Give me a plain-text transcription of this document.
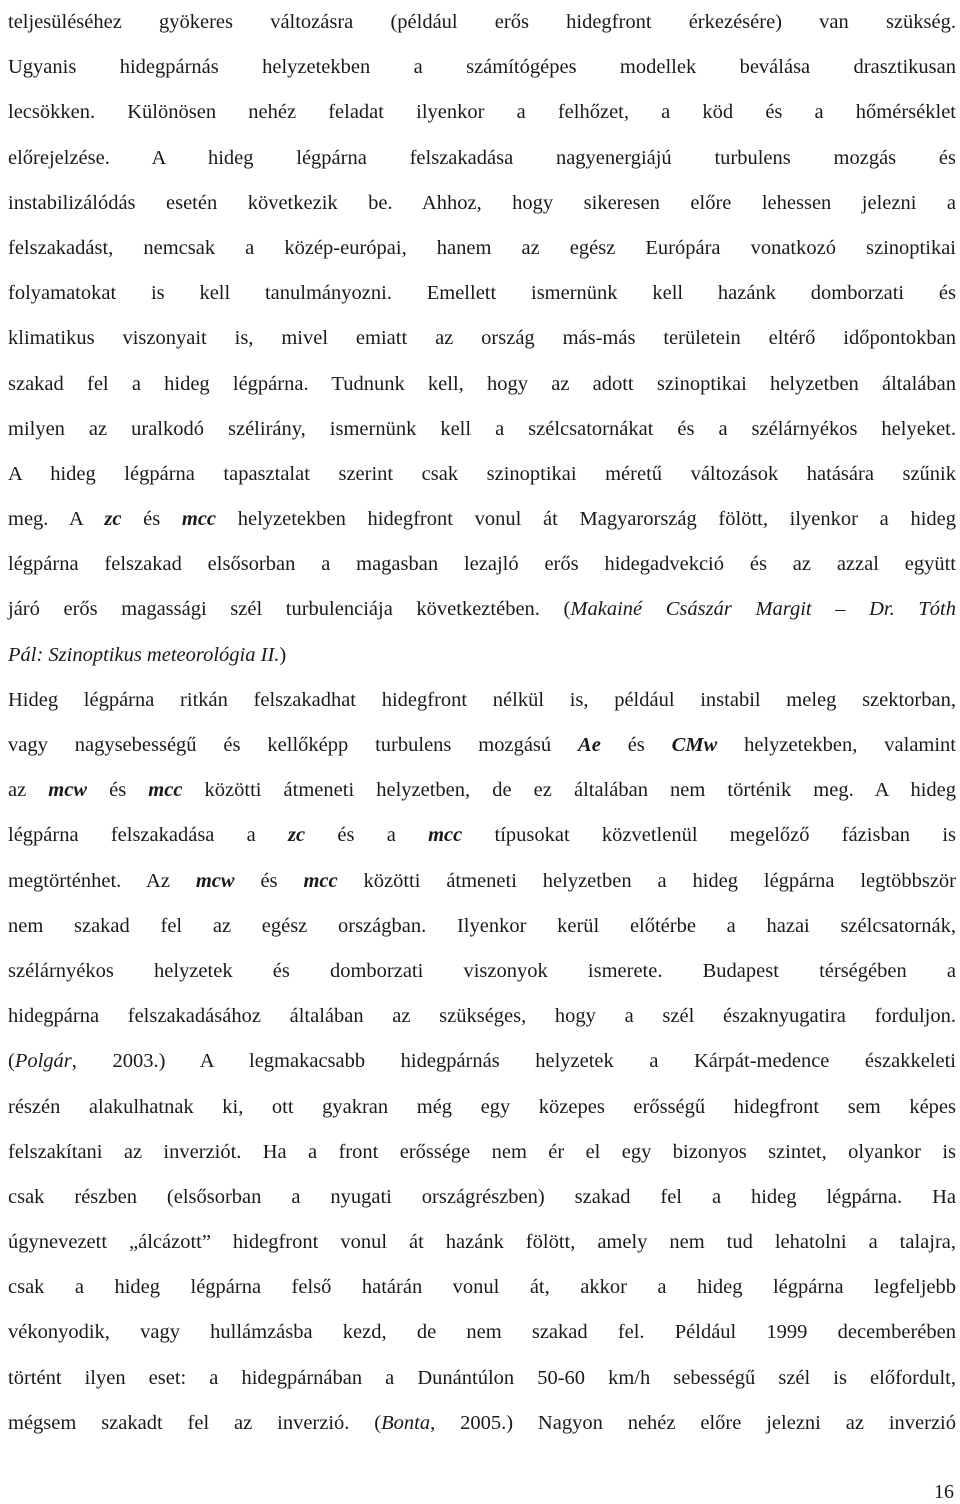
teljesüléséhez gyökeres változásra (például erős hidegfront érkezésére) van szükség.

Ugyanis hidegpárnás helyzetekben a számítógépes modellek beválása drasztikusan

lecsökken. Különösen nehéz feladat ilyenkor a felhőzet, a köd és a hőmérséklet

előrejelzése. A hideg légpárna felszakadása nagyenergiájú turbulens mozgás és

instabilizálódás esetén következik be. Ahhoz, hogy sikeresen előre lehessen jelezni a

felszakadást, nemcsak a közép-európai, hanem az egész Európára vonatkozó szinoptikai

folyamatokat is kell tanulmányozni. Emellett ismernünk kell hazánk domborzati és

klimatikus viszonyait is, mivel emiatt az ország más-más területein eltérő időpontokban

szakad fel a hideg légpárna. Tudnunk kell, hogy az adott szinoptikai helyzetben általában

milyen az uralkodó szélirány, ismernünk kell a szélcsatornákat és a szélárnyékos helyeket.

A hideg légpárna tapasztalat szerint csak szinoptikai méretű változások hatására szűnik

meg. A zc és mcc helyzetekben hidegfront vonul át Magyarország fölött, ilyenkor a hideg

légpárna felszakad elsősorban a magasban lezajló erős hidegadvekció és az azzal együtt

járó erős magassági szél turbulenciája következtében. (Makainé Császár Margit – Dr. Tóth

Pál: Szinoptikus meteorológia II.)

Hideg légpárna ritkán felszakadhat hidegfront nélkül is, például instabil meleg szektorban,

vagy nagysebességű és kellőképp turbulens mozgású Ae és CMw helyzetekben, valamint

az mcw és mcc közötti átmeneti helyzetben, de ez általában nem történik meg. A hideg

légpárna felszakadása a zc és a mcc típusokat közvetlenül megelőző fázisban is

megtörténhet. Az mcw és mcc közötti átmeneti helyzetben a hideg légpárna legtöbbször

nem szakad fel az egész országban. Ilyenkor kerül előtérbe a hazai szélcsatornák,

szélárnyékos helyzetek és domborzati viszonyok ismerete. Budapest térségében a

hidegpárna felszakadásához általában az szükséges, hogy a szél északnyugatira forduljon.

(Polgár, 2003.) A legmakacsabb hidegpárnás helyzetek a Kárpát-medence északkeleti

részén alakulhatnak ki, ott gyakran még egy közepes erősségű hidegfront sem képes

felszakítani az inverziót. Ha a front erőssége nem ér el egy bizonyos szintet, olyankor is

csak részben (elsősorban a nyugati országrészben) szakad fel a hideg légpárna. Ha

úgynevezett „álcázott” hidegfront vonul át hazánk fölött, amely nem tud lehatolni a talajra,

csak a hideg légpárna felső határán vonul át, akkor a hideg légpárna legfeljebb

vékonyodik, vagy hullámzásba kezd, de nem szakad fel. Például 1999 decemberében

történt ilyen eset: a hidegpárnában a Dunántúlon 50-60 km/h sebességű szél is előfordult,

mégsem szakadt fel az inverzió. (Bonta, 2005.) Nagyon nehéz előre jelezni az inverzió

16
